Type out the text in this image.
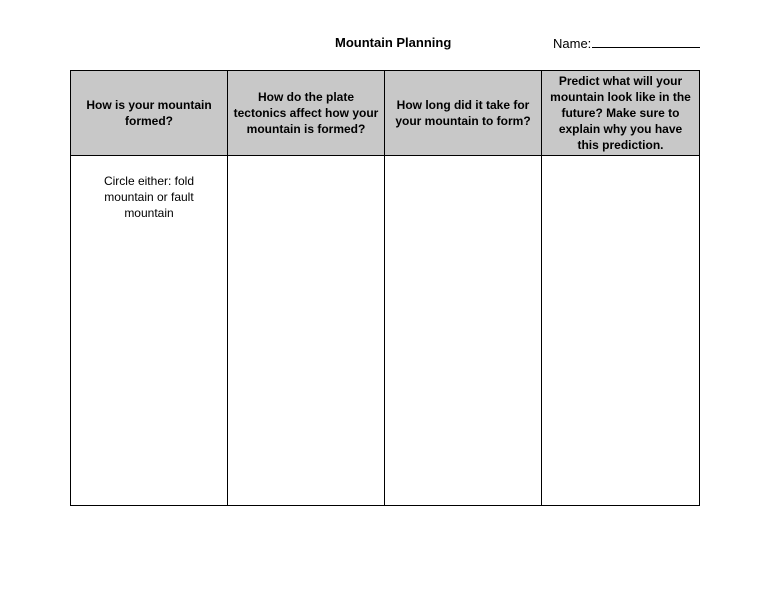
Mountain Planning	Name:
How is your mountain formed?	How do the plate tectonics affect how your mountain is formed?	How long did it take for your mountain to form?	Predict what will your mountain look like in the future? Make sure to explain why you have this prediction.
Circle either: fold mountain or fault mountain			
